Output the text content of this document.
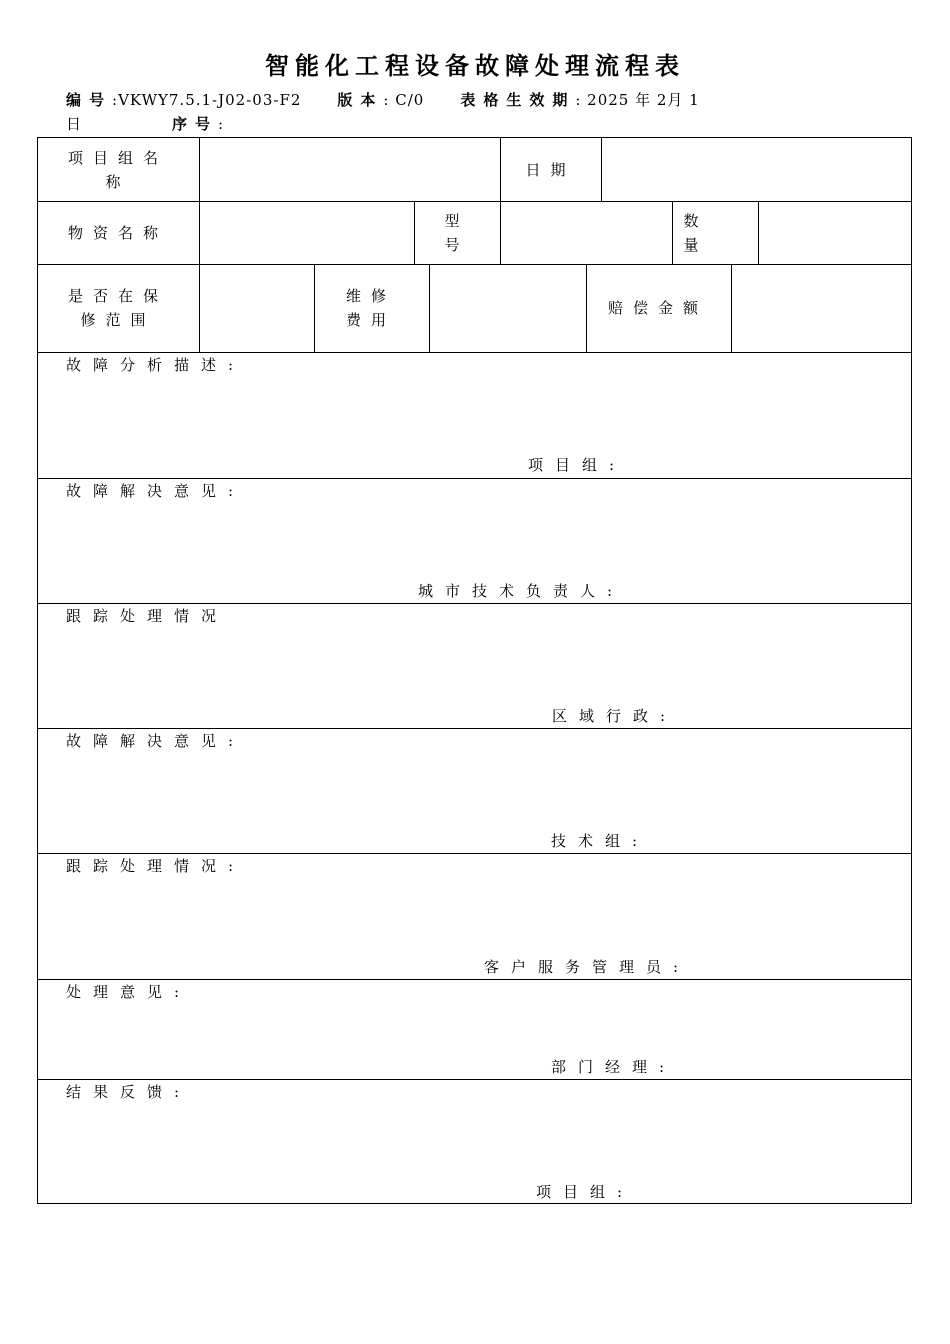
智能化工程设备故障处理流程表
编号:VKWY7.5.1-J02-03-F2 版本: C/0 表格生效期: 2025 年 2月 1
日	序号:
项目组名称
日期
物资名称
型号
数量
是否在保修范围
维修费用
赔偿金额
故障分析描述:
项目组:
故障解决意见:
城市技术负责人:
跟踪处理情况
区域行政:
故障解决意见:
技术组:
跟踪处理情况:
客户服务管理员:
处理意见:
部门经理:
结果反馈:
项目组:
